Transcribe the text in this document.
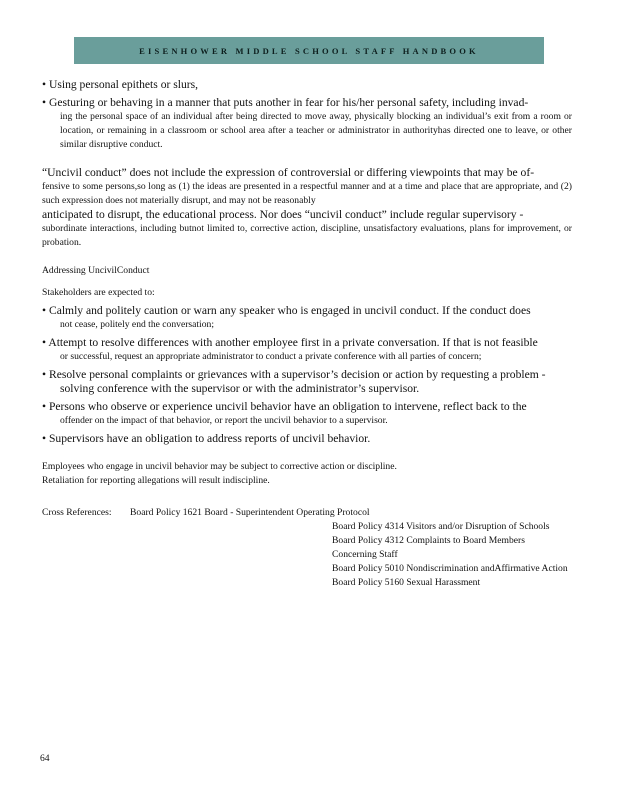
EISENHOWER MIDDLE SCHOOL STAFF HANDBOOK
• Using personal epithets or slurs,
• Gesturing or behaving in a manner that puts another in fear for his/her personal safety, including invad-
ing the personal space of an individual after being directed to move away, physically blocking an individual’s exit from a room or location, or remaining in a classroom or school area after a teacher or administrator in authorityhas directed one to leave, or other similar disruptive conduct.
“Uncivil conduct” does not include the expression of controversial or differing viewpoints that may be of-
fensive to some persons,so long as (1) the ideas are presented in a respectful manner and at a time and place that are appropriate, and (2) such expression does not materially disrupt, and may not be reasonably
anticipated to disrupt, the educational process. Nor does “uncivil conduct” include regular supervisory -
subordinate interactions, including butnot limited to, corrective action, discipline, unsatisfactory evaluations, plans for improvement, or probation.

Addressing UncivilConduct

Stakeholders are expected to:

• Calmly and politely caution or warn any speaker who is engaged in uncivil conduct. If the conduct does
not cease, politely end the conversation;
• Attempt to resolve differences with another employee first in a private conversation. If that is not feasible
or successful, request an appropriate administrator to conduct a private conference with all parties of concern;
• Resolve personal complaints or grievances with a supervisor’s decision or action by requesting a problem -
solving conference with the supervisor or with the administrator’s supervisor.
• Persons who observe or experience uncivil behavior have an obligation to intervene, reflect back to the
offender on the impact of that behavior, or report the uncivil behavior to a supervisor.
• Supervisors have an obligation to address reports of uncivil behavior.

Employees who engage in uncivil behavior may be subject to corrective action or discipline.

Retaliation for reporting allegations will result indiscipline.

Cross References: Board Policy 1621 Board - Superintendent Operating Protocol
Board Policy 4314 Visitors and/or Disruption of Schools
Board Policy 4312 Complaints to Board Members Concerning Staff
Board Policy 5010 Nondiscrimination andAffirmative Action
Board Policy 5160 Sexual Harassment
64
